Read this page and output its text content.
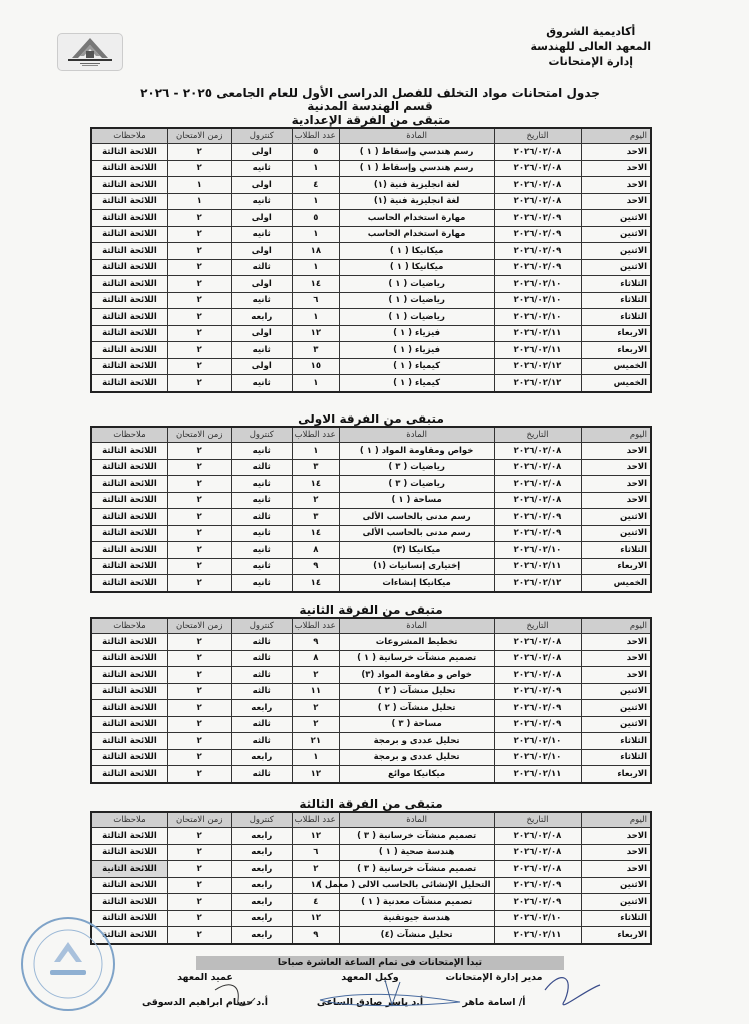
أكاديمية الشروق
المعهد العالى للهندسة
إدارة الإمتحانات
جدول امتحانات مواد التخلف للفصل الدراسى الأول للعام الجامعى ٢٠٢٥ - ٢٠٢٦
قسم الهندسة المدنية
متبقى من الفرقة الإعدادية
اليوم	التاريخ	المادة	عدد الطلاب	كنترول	زمن الامتحان	ملاحظات
الاحد	٢٠٢٦/٠٢/٠٨	رسم هندسي وإسقاط ( ١ )	٥	اولى	٢	اللائحة الثالثة
الاحد	٢٠٢٦/٠٢/٠٨	رسم هندسي وإسقاط ( ١ )	١	ثانيه	٢	اللائحة الثالثة
الاحد	٢٠٢٦/٠٢/٠٨	لغة انجليزية فنية (١)	٤	اولى	١	اللائحة الثالثة
الاحد	٢٠٢٦/٠٢/٠٨	لغة انجليزية فنية (١)	١	ثانيه	١	اللائحة الثالثة
الاثنين	٢٠٢٦/٠٢/٠٩	مهارة استخدام الحاسب	٥	اولى	٢	اللائحة الثالثة
الاثنين	٢٠٢٦/٠٢/٠٩	مهارة استخدام الحاسب	١	ثانيه	٢	اللائحة الثالثة
الاثنين	٢٠٢٦/٠٢/٠٩	ميكانيكا ( ١ )	١٨	اولى	٢	اللائحة الثالثة
الاثنين	٢٠٢٦/٠٢/٠٩	ميكانيكا ( ١ )	١	ثالثه	٢	اللائحة الثالثة
الثلاثاء	٢٠٢٦/٠٢/١٠	رياضيات ( ١ )	١٤	اولى	٢	اللائحة الثالثة
الثلاثاء	٢٠٢٦/٠٢/١٠	رياضيات ( ١ )	٦	ثانيه	٢	اللائحة الثالثة
الثلاثاء	٢٠٢٦/٠٢/١٠	رياضيات ( ١ )	١	رابعه	٢	اللائحة الثالثة
الاربعاء	٢٠٢٦/٠٢/١١	فيزياء ( ١ )	١٢	اولى	٢	اللائحة الثالثة
الاربعاء	٢٠٢٦/٠٢/١١	فيزياء ( ١ )	٣	ثانيه	٢	اللائحة الثالثة
الخميس	٢٠٢٦/٠٢/١٢	كيمياء ( ١ )	١٥	اولى	٢	اللائحة الثالثة
الخميس	٢٠٢٦/٠٢/١٢	كيمياء ( ١ )	١	ثانيه	٢	اللائحة الثالثة
متبقى من الفرقة الاولى
اليوم	التاريخ	المادة	عدد الطلاب	كنترول	زمن الامتحان	ملاحظات
الاحد	٢٠٢٦/٠٢/٠٨	خواص ومقاومة المواد ( ١ )	١	ثانيه	٢	اللائحة الثالثة
الاحد	٢٠٢٦/٠٢/٠٨	رياضيات ( ٣ )	٣	ثالثه	٢	اللائحة الثالثة
الاحد	٢٠٢٦/٠٢/٠٨	رياضيات ( ٣ )	١٤	ثانيه	٢	اللائحة الثالثة
الاحد	٢٠٢٦/٠٢/٠٨	مساحة ( ١ )	٢	ثانيه	٢	اللائحة الثالثة
الاثنين	٢٠٢٦/٠٢/٠٩	رسم مدنى بالحاسب الألى	٣	ثالثه	٢	اللائحة الثالثة
الاثنين	٢٠٢٦/٠٢/٠٩	رسم مدنى بالحاسب الألى	١٤	ثانيه	٢	اللائحة الثالثة
الثلاثاء	٢٠٢٦/٠٢/١٠	ميكانيكا (٣)	٨	ثانيه	٢	اللائحة الثالثة
الاربعاء	٢٠٢٦/٠٢/١١	إختيارى إنسانيات (١)	٩	ثانيه	٢	اللائحة الثالثة
الخميس	٢٠٢٦/٠٢/١٢	ميكانيكا إنشاءات	١٤	ثانيه	٢	اللائحة الثالثة
متبقى من الفرقة الثانية
اليوم	التاريخ	المادة	عدد الطلاب	كنترول	زمن الامتحان	ملاحظات
الاحد	٢٠٢٦/٠٢/٠٨	تخطيط المشروعات	٩	ثالثه	٢	اللائحة الثالثة
الاحد	٢٠٢٦/٠٢/٠٨	تصميم منشآت خرسانية ( ١ )	٨	ثالثه	٢	اللائحة الثالثة
الاحد	٢٠٢٦/٠٢/٠٨	خواص و مقاومة المواد (٣)	٢	ثالثه	٢	اللائحة الثالثة
الاثنين	٢٠٢٦/٠٢/٠٩	تحليل منشآت ( ٢ )	١١	ثالثه	٢	اللائحة الثالثة
الاثنين	٢٠٢٦/٠٢/٠٩	تحليل منشآت ( ٢ )	٢	رابعه	٢	اللائحة الثالثة
الاثنين	٢٠٢٦/٠٢/٠٩	مساحة ( ٣ )	٢	ثالثه	٢	اللائحة الثالثة
الثلاثاء	٢٠٢٦/٠٢/١٠	تحليل عددى و برمجة	٢١	ثالثه	٢	اللائحة الثالثة
الثلاثاء	٢٠٢٦/٠٢/١٠	تحليل عددى و برمجة	١	رابعه	٢	اللائحة الثالثة
الاربعاء	٢٠٢٦/٠٢/١١	ميكانيكا موائع	١٢	ثالثه	٢	اللائحة الثالثة
متبقى من الفرقة الثالثة
اليوم	التاريخ	المادة	عدد الطلاب	كنترول	زمن الامتحان	ملاحظات
الاحد	٢٠٢٦/٠٢/٠٨	تصميم منشآت خرسانية ( ٣ )	١٢	رابعه	٢	اللائحة الثالثة
الاحد	٢٠٢٦/٠٢/٠٨	هندسة صحية ( ١ )	٦	رابعه	٢	اللائحة الثالثة
الاحد	٢٠٢٦/٠٢/٠٨	تصميم منشآت خرسانية ( ٣ )	٢	رابعه	٢	اللائحة الثانية
الاثنين	٢٠٢٦/٠٢/٠٩	التحليل الإنشائى بالحاسب الالى ( معمل )	١٨	رابعه	٢	اللائحة الثالثة
الاثنين	٢٠٢٦/٠٢/٠٩	تصميم منشآت معدنية ( ١ )	٤	رابعه	٢	اللائحة الثالثة
الثلاثاء	٢٠٢٦/٠٢/١٠	هندسة جيوتقنية	١٢	رابعه	٢	اللائحة الثالثة
الاربعاء	٢٠٢٦/٠٢/١١	تحليل منشآت (٤)	٩	رابعه	٢	اللائحة الثالثة
تبدأ الإمتحانات فى تمام الساعة العاشرة صباحا
مدير إدارة الإمتحانات
أ/ اسامة ماهر
وكيل المعهد
أ.د ياسر صادق الساعى
عميد المعهد
أ.د حسام ابراهيم الدسوقى
